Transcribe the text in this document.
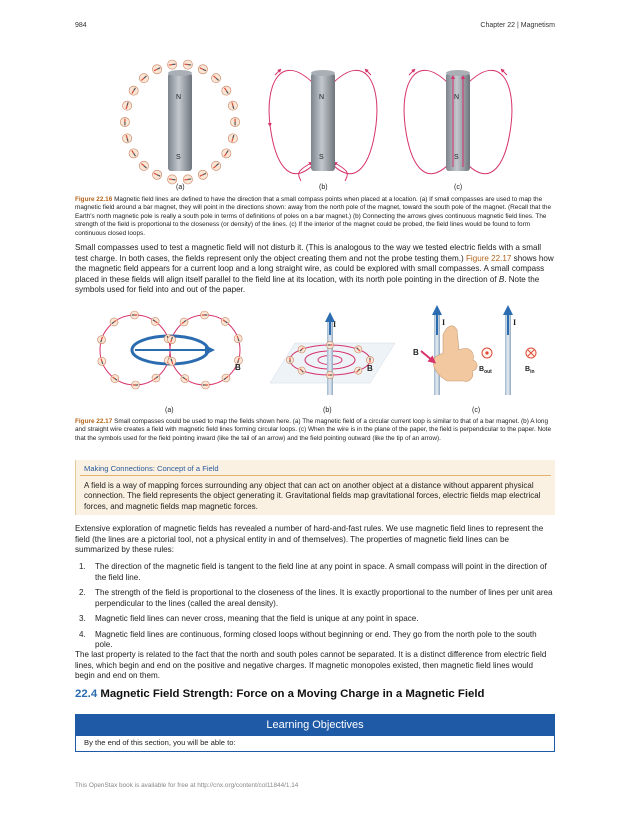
984	Chapter 22 | Magnetism
N
S
(a)
N
S
(b)
N
S
(c)
Figure 22.16 Magnetic field lines are defined to have the direction that a small compass points when placed at a location. (a) If small compasses are used to map the magnetic field around a bar magnet, they will point in the directions shown: away from the north pole of the magnet, toward the south pole of the magnet. (Recall that the Earth's north magnetic pole is really a south pole in terms of definitions of poles on a bar magnet.) (b) Connecting the arrows gives continuous magnetic field lines. The strength of the field is proportional to the closeness (or density) of the lines. (c) If the interior of the magnet could be probed, the field lines would be found to form continuous closed loops.
Small compasses used to test a magnetic field will not disturb it. (This is analogous to the way we tested electric fields with a small test charge. In both cases, the fields represent only the object creating them and not the probe testing them.) Figure 22.17 shows how the magnetic field appears for a current loop and a long straight wire, as could be explored with small compasses. A small compass placed in these fields will align itself parallel to the field line at its location, with its north pole pointing in the direction of B. Note the symbols used for field into and out of the paper.
B
(a)
I
B
(b)
I
B
I
$B_{out}$	$B_{in}$
(c)
Figure 22.17 Small compasses could be used to map the fields shown here. (a) The magnetic field of a circular current loop is similar to that of a bar magnet. (b) A long and straight wire creates a field with magnetic field lines forming circular loops. (c) When the wire is in the plane of the paper, the field is perpendicular to the paper. Note that the symbols used for the field pointing inward (like the tail of an arrow) and the field pointing outward (like the tip of an arrow).
Making Connections: Concept of a Field
A field is a way of mapping forces surrounding any object that can act on another object at a distance without apparent physical connection. The field represents the object generating it. Gravitational fields map gravitational forces, electric fields map electrical forces, and magnetic fields map magnetic forces.
Extensive exploration of magnetic fields has revealed a number of hard-and-fast rules. We use magnetic field lines to represent the field (the lines are a pictorial tool, not a physical entity in and of themselves). The properties of magnetic field lines can be summarized by these rules:
1. The direction of the magnetic field is tangent to the field line at any point in space. A small compass will point in the direction of the field line.
2. The strength of the field is proportional to the closeness of the lines. It is exactly proportional to the number of lines per unit area perpendicular to the lines (called the areal density).
3. Magnetic field lines can never cross, meaning that the field is unique at any point in space.
4. Magnetic field lines are continuous, forming closed loops without beginning or end. They go from the north pole to the south pole.
The last property is related to the fact that the north and south poles cannot be separated. It is a distinct difference from electric field lines, which begin and end on the positive and negative charges. If magnetic monopoles existed, then magnetic field lines would begin and end on them.
22.4 Magnetic Field Strength: Force on a Moving Charge in a Magnetic Field
Learning Objectives
By the end of this section, you will be able to:
This OpenStax book is available for free at http://cnx.org/content/col11844/1.14
